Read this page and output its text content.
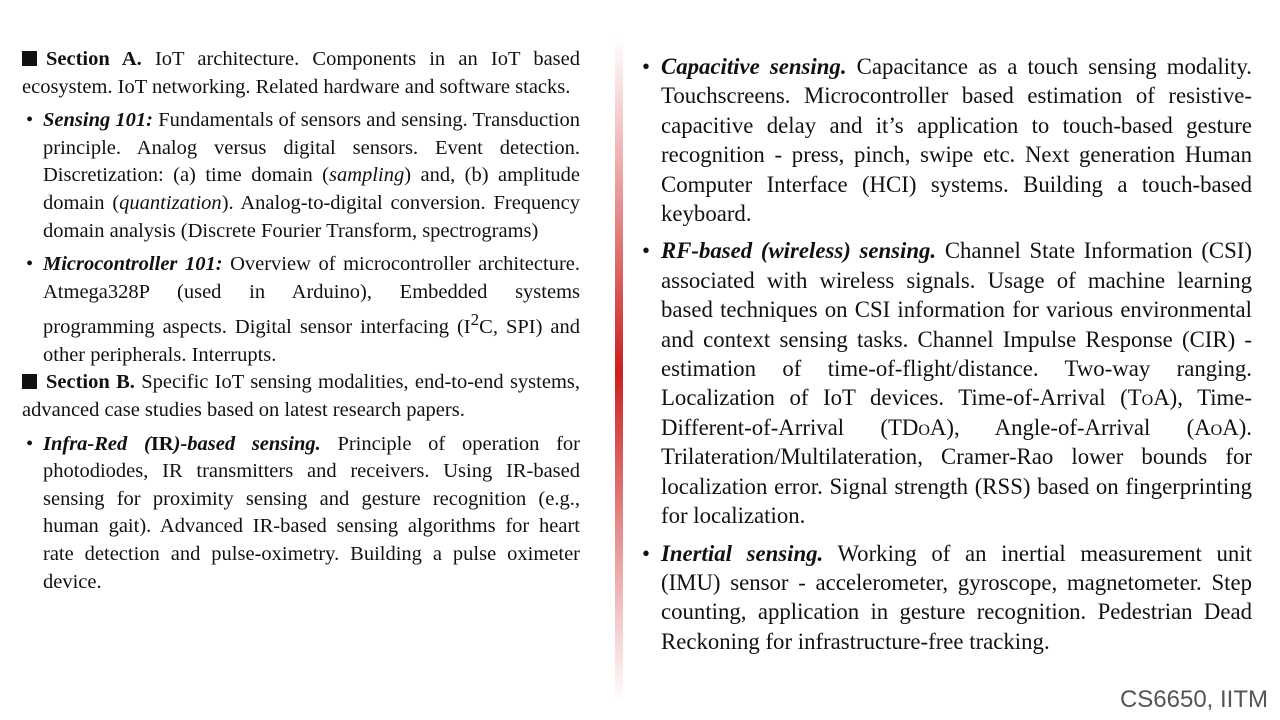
Section A. IoT architecture. Components in an IoT based ecosystem. IoT networking. Related hardware and software stacks.

• Sensing 101: Fundamentals of sensors and sensing. Transduction principle. Analog versus digital sensors. Event detection. Discretization: (a) time domain (sampling) and, (b) amplitude domain (quantization). Analog-to-digital conversion. Frequency domain analysis (Discrete Fourier Transform, spectrograms)
• Microcontroller 101: Overview of microcontroller architecture. Atmega328P (used in Arduino), Embedded systems programming aspects. Digital sensor interfacing ($I^2C$, SPI) and other peripherals. Interrupts.

Section B. Specific IoT sensing modalities, end-to-end systems, advanced case studies based on latest research papers.

• Infra-Red (IR)-based sensing. Principle of operation for photodiodes, IR transmitters and receivers. Using IR-based sensing for proximity sensing and gesture recognition (e.g., human gait). Advanced IR-based sensing algorithms for heart rate detection and pulse-oximetry. Building a pulse oximeter device.
• Capacitive sensing. Capacitance as a touch sensing modality. Touchscreens. Microcontroller based estimation of resistive-capacitive delay and it’s application to touch-based gesture recognition - press, pinch, swipe etc. Next generation Human Computer Interface (HCI) systems. Building a touch-based keyboard.
• RF-based (wireless) sensing. Channel State Information (CSI) associated with wireless signals. Usage of machine learning based techniques on CSI information for various environmental and context sensing tasks. Channel Impulse Response (CIR) - estimation of time-of-flight/distance. Two-way ranging. Localization of IoT devices. Time-of-Arrival (ToA), Time-Different-of-Arrival (TDoA), Angle-of-Arrival (AoA). Trilateration/Multilateration, Cramer-Rao lower bounds for localization error. Signal strength (RSS) based on fingerprinting for localization.
• Inertial sensing. Working of an inertial measurement unit (IMU) sensor - accelerometer, gyroscope, magnetometer. Step counting, application in gesture recognition. Pedestrian Dead Reckoning for infrastructure-free tracking.
CS6650, IITM
